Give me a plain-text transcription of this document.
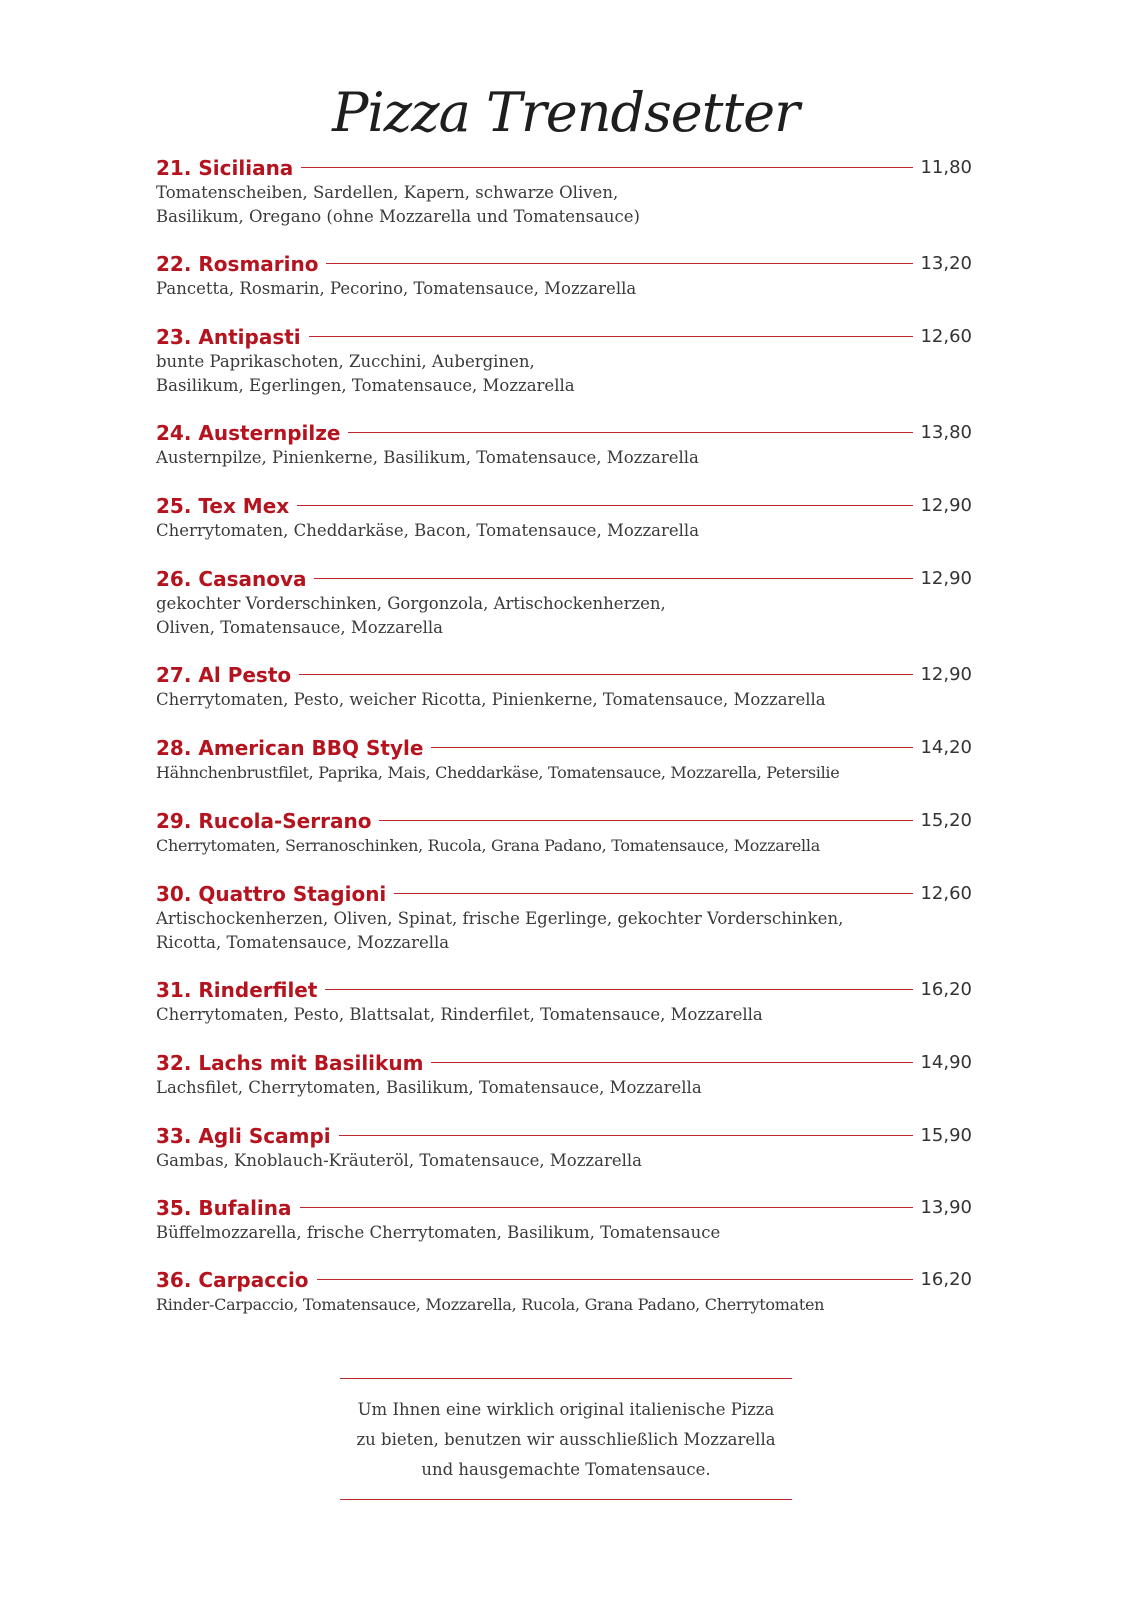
Pizza Trendsetter
21. Siciliana	11,80
Tomatenscheiben, Sardellen, Kapern, schwarze Oliven,
Basilikum, Oregano (ohne Mozzarella und Tomatensauce)
22. Rosmarino	13,20
Pancetta, Rosmarin, Pecorino, Tomatensauce, Mozzarella
23. Antipasti	12,60
bunte Paprikaschoten, Zucchini, Auberginen,
Basilikum, Egerlingen, Tomatensauce, Mozzarella
24. Austernpilze	13,80
Austernpilze, Pinienkerne, Basilikum, Tomatensauce, Mozzarella
25. Tex Mex	12,90
Cherrytomaten, Cheddarkäse, Bacon, Tomatensauce, Mozzarella
26. Casanova	12,90
gekochter Vorderschinken, Gorgonzola, Artischockenherzen,
Oliven, Tomatensauce, Mozzarella
27. Al Pesto	12,90
Cherrytomaten, Pesto, weicher Ricotta, Pinienkerne, Tomatensauce, Mozzarella
28. American BBQ Style	14,20
Hähnchenbrustfilet, Paprika, Mais, Cheddarkäse, Tomatensauce, Mozzarella, Petersilie
29. Rucola-Serrano	15,20
Cherrytomaten, Serranoschinken, Rucola, Grana Padano, Tomatensauce, Mozzarella
30. Quattro Stagioni	12,60
Artischockenherzen, Oliven, Spinat, frische Egerlinge, gekochter Vorderschinken,
Ricotta, Tomatensauce, Mozzarella
31. Rinderfilet	16,20
Cherrytomaten, Pesto, Blattsalat, Rinderfilet, Tomatensauce, Mozzarella
32. Lachs mit Basilikum	14,90
Lachsfilet, Cherrytomaten, Basilikum, Tomatensauce, Mozzarella
33. Agli Scampi	15,90
Gambas, Knoblauch-Kräuteröl, Tomatensauce, Mozzarella
35. Bufalina	13,90
Büffelmozzarella, frische Cherrytomaten, Basilikum, Tomatensauce
36. Carpaccio	16,20
Rinder-Carpaccio, Tomatensauce, Mozzarella, Rucola, Grana Padano, Cherrytomaten
Um Ihnen eine wirklich original italienische Pizza
zu bieten, benutzen wir ausschließlich Mozzarella
und hausgemachte Tomatensauce.
